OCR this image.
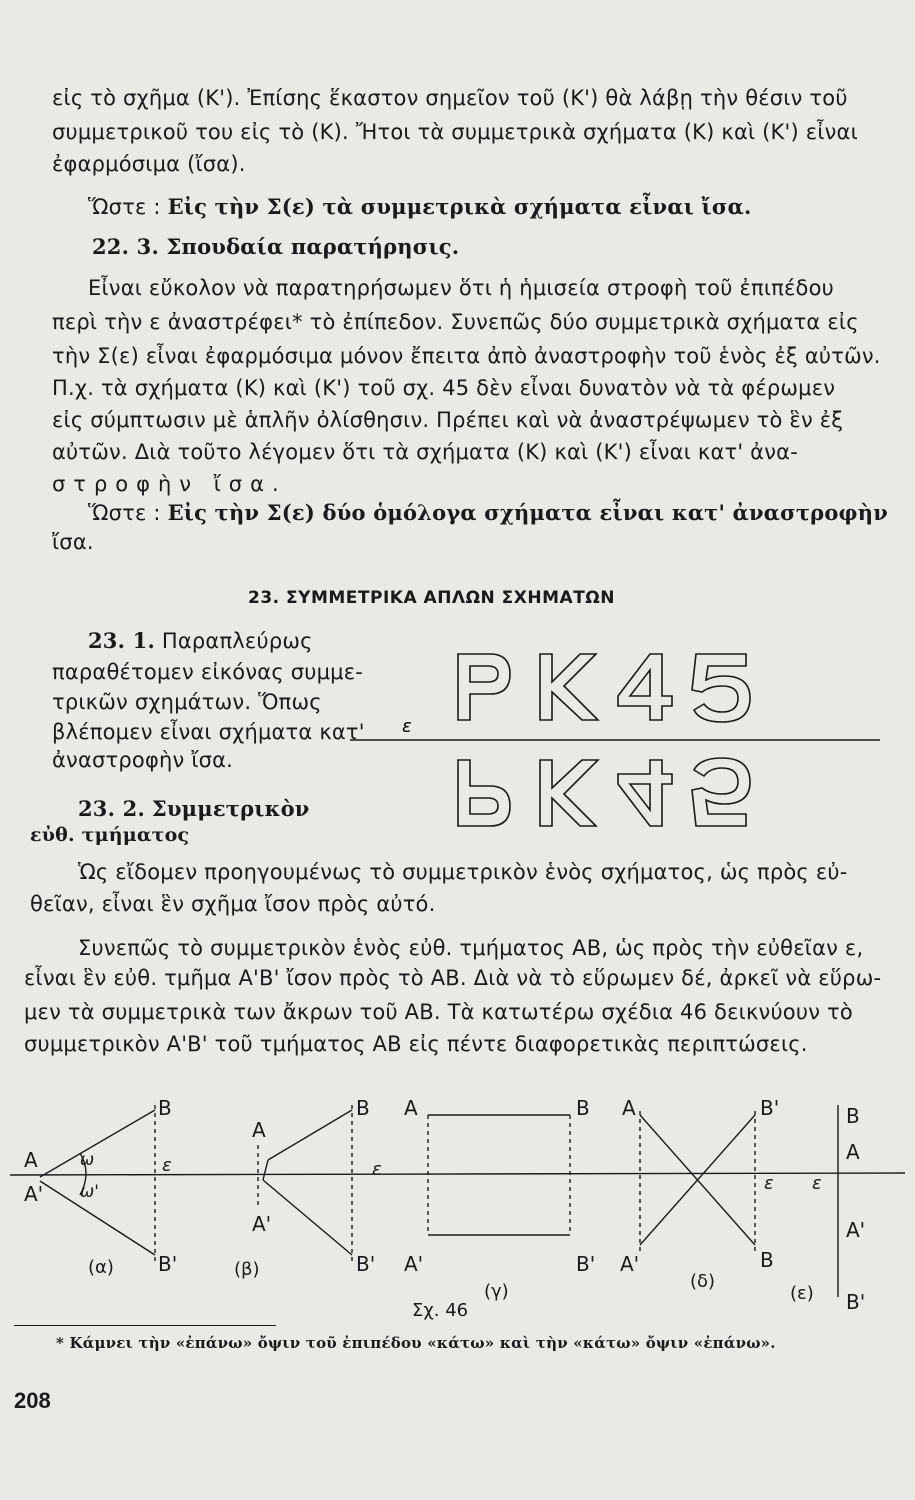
εἰς τὸ σχῆμα (Κ'). Ἐπίσης ἕκαστον σημεῖον τοῦ (Κ') θὰ λάβῃ τὴν θέσιν τοῦ
συμμετρικοῦ του εἰς τὸ (Κ). Ἤτοι τὰ συμμετρικὰ σχήματα (Κ) καὶ (Κ') εἶναι
ἐφαρμόσιμα (ἴσα).
Ὥστε : Εἰς τὴν Σ(ε) τὰ συμμετρικὰ σχήματα εἶναι ἴσα.
22. 3. Σπουδαία παρατήρησις.
Εἶναι εὔκολον νὰ παρατηρήσωμεν ὅτι ἡ ἡμισεία στροφὴ τοῦ ἐπιπέδου
περὶ τὴν ε ἀναστρέφει* τὸ ἐπίπεδον. Συνεπῶς δύο συμμετρικὰ σχήματα εἰς
τὴν Σ(ε) εἶναι ἐφαρμόσιμα μόνον ἔπειτα ἀπὸ ἀναστροφὴν τοῦ ἑνὸς ἐξ αὐτῶν.
Π.χ. τὰ σχήματα (Κ) καὶ (Κ') τοῦ σχ. 45 δὲν εἶναι δυνατὸν νὰ τὰ φέρωμεν
εἰς σύμπτωσιν μὲ ἁπλῆν ὀλίσθησιν. Πρέπει καὶ νὰ ἀναστρέψωμεν τὸ ἓν ἐξ
αὐτῶν. Διὰ τοῦτο λέγομεν ὅτι τὰ σχήματα (Κ) καὶ (Κ') εἶναι κατ' ἀνα-
στροφὴν ἴσα.
Ὥστε : Εἰς τὴν Σ(ε) δύο ὁμόλογα σχήματα εἶναι κατ' ἀναστροφὴν
ἴσα.
23. ΣΥΜΜΕΤΡΙΚΑ ΑΠΛΩΝ ΣΧΗΜΑΤΩΝ
23. 1. Παραπλεύρως
παραθέτομεν εἰκόνας συμμε-
τρικῶν σχημάτων. Ὅπως
βλέπομεν εἶναι σχήματα κατ'
ἀναστροφὴν ἴσα.
ε
23. 2. Συμμετρικὸν
εὐθ. τμήματος
Ὡς εἴδομεν προηγουμένως τὸ συμμετρικὸν ἑνὸς σχήματος, ὡς πρὸς εὐ-
θεῖαν, εἶναι ἓν σχῆμα ἴσον πρὸς αὐτό.
Συνεπῶς τὸ συμμετρικὸν ἑνὸς εὐθ. τμήματος ΑΒ, ὡς πρὸς τὴν εὐθεῖαν ε,
εἶναι ἓν εὐθ. τμῆμα Α'Β' ἴσον πρὸς τὸ ΑΒ. Διὰ νὰ τὸ εὕρωμεν δέ, ἀρκεῖ νὰ εὕρω-
μεν τὰ συμμετρικὰ των ἄκρων τοῦ ΑΒ. Τὰ κατωτέρω σχέδια 46 δεικνύουν τὸ
συμμετρικὸν Α'Β' τοῦ τμήματος ΑΒ εἰς πέντε διαφορετικὰς περιπτώσεις.
A
A'
B
B'
ω
ω'
ε
(α)
A
A'
B
B'
ε
(β)
A
A'
B
B'
(γ)
A
A'
B'
B
ε
(δ)
B
A
A'
B'
ε
(ε)
Σχ. 46
* Κάμνει τὴν «ἐπάνω» ὄψιν τοῦ ἐπιπέδου «κάτω» καὶ τὴν «κάτω» ὄψιν «ἐπάνω».
208
